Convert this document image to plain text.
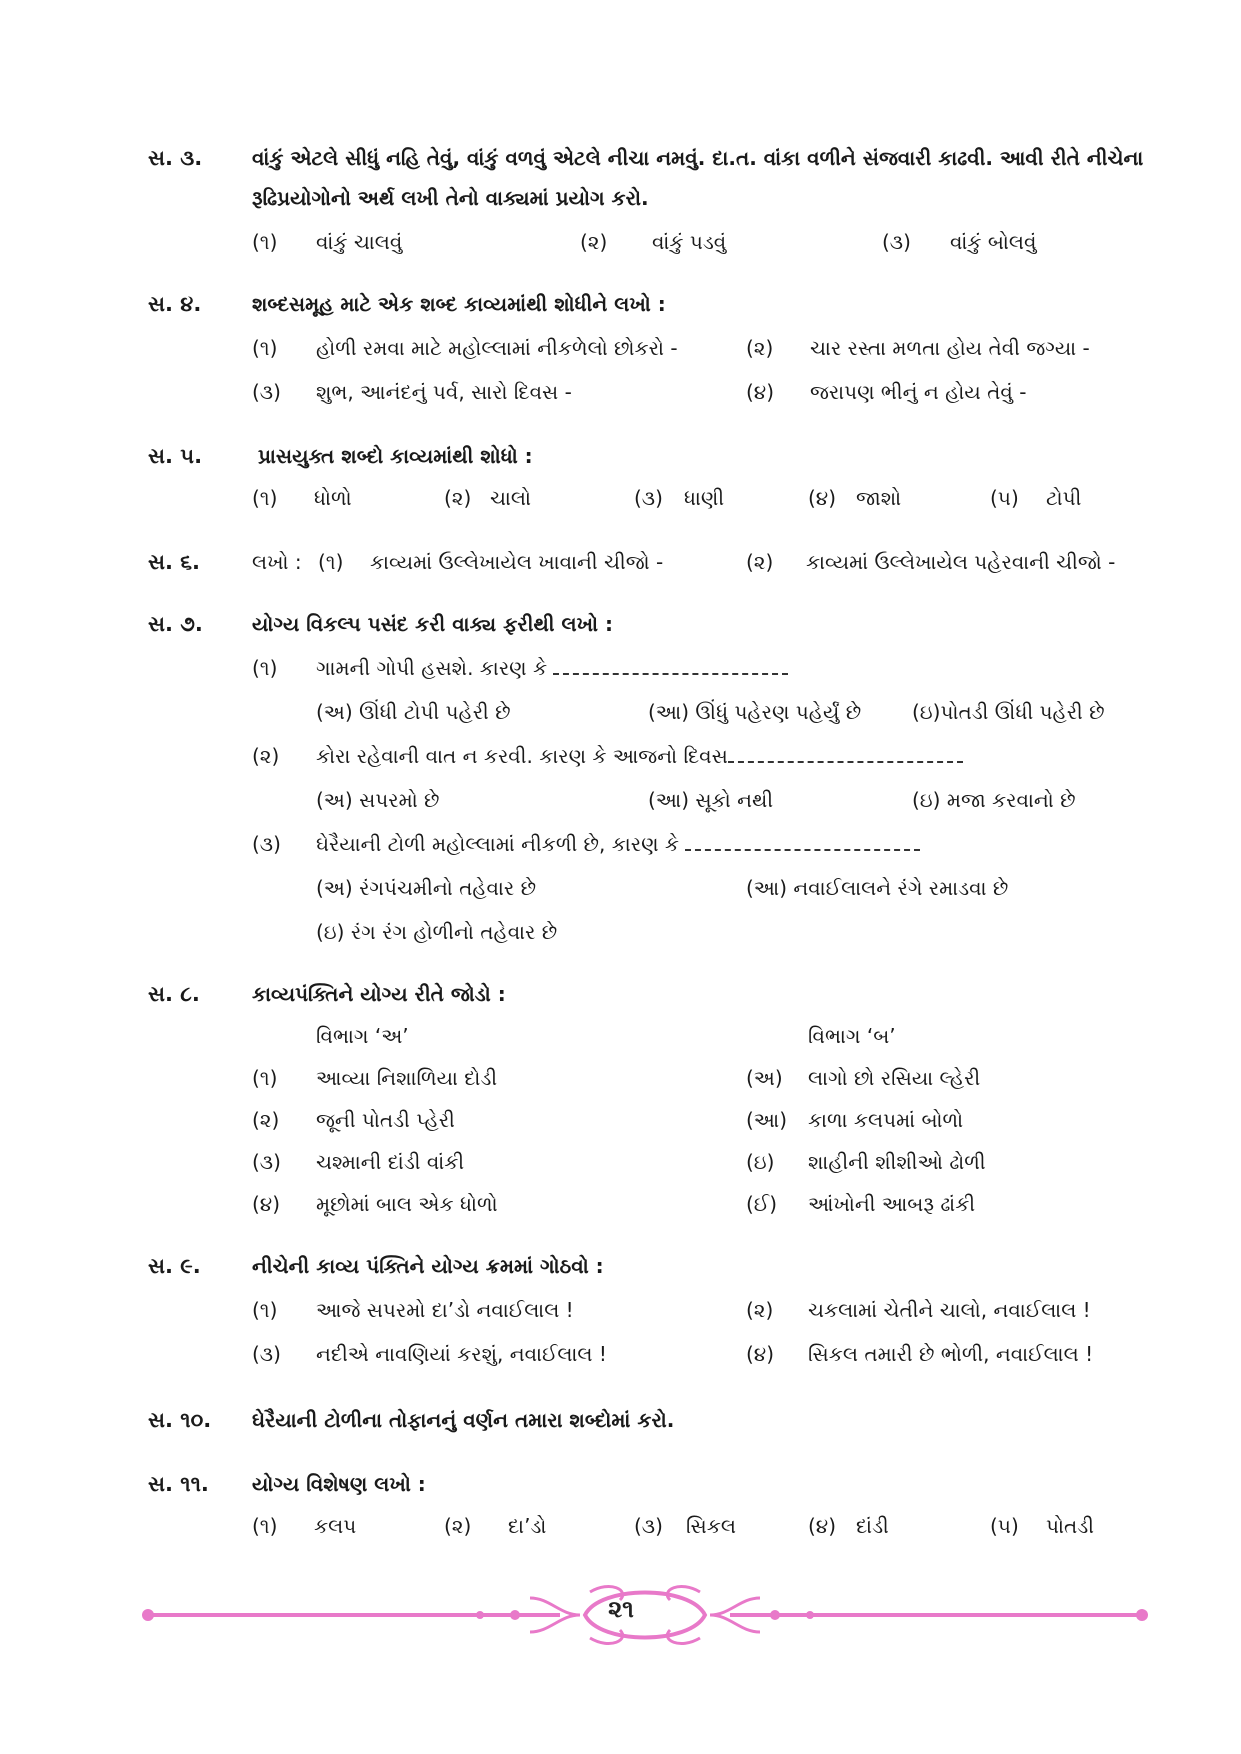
સ. ૩. વાંકું એટલે સીધું નહિ તેવું, વાંકું વળવું એટલે નીચા નમવું. દા.ત. વાંકા વળીને સંજવારી કાઢવી. આવી રીતે નીચેના
રૂઢિપ્રયોગોનો અર્થ લખી તેનો વાક્યમાં પ્રયોગ કરો.
(૧) વાંકું ચાલવું	(૨) વાંકું પડવું	(૩) વાંકું બોલવું
સ. ૪.	શબ્દસમૂહ માટે એક શબ્દ કાવ્યમાંથી શોધીને લખો :
(૧) હોળી રમવા માટે મહોલ્લામાં નીકળેલો છોકરો -	(૨) ચાર રસ્તા મળતા હોય તેવી જગ્યા -
(૩) શુભ, આનંદનું પર્વ, સારો દિવસ -	(૪) જરાપણ ભીનું ન હોય તેવું -
સ. ૫.	પ્રાસયુક્ત શબ્દો કાવ્યમાંથી શોધો :
(૧) ધોળો	(૨) ચાલો	(૩) ધાણી	(૪) જાશો	(૫) ટોપી
સ. ૬.	લખો : (૧) કાવ્યમાં ઉલ્લેખાયેલ ખાવાની ચીજો -	(૨) કાવ્યમાં ઉલ્લેખાયેલ પહેરવાની ચીજો -
સ. ૭. યોગ્ય વિકલ્પ પસંદ કરી વાક્ય ફરીથી લખો :
(૧) ગામની ગોપી હસશે. કારણ કે
(અ) ઊંધી ટોપી પહેરી છે	(આ) ઊંધું પહેરણ પહેર્યું છે	(ઇ)પોતડી ઊંધી પહેરી છે
(૨) કોરા રહેવાની વાત ન કરવી. કારણ કે આજનો દિવસ
(અ) સપરમો છે	(આ) સૂકો નથી	(ઇ) મજા કરવાનો છે
(૩) ઘેરૈયાની ટોળી મહોલ્લામાં નીકળી છે, કારણ કે
(અ) રંગપંચમીનો તહેવાર છે	(આ) નવાઈલાલને રંગે રમાડવા છે
(ઇ) રંગ રંગ હોળીનો તહેવાર છે
સ. ૮.	કાવ્યપંક્તિને યોગ્ય રીતે જોડો :
વિભાગ ‘અ’	વિભાગ ‘બ’
(૧) આવ્યા નિશાળિયા દોડી	(અ) લાગો છો રસિયા લ્હેરી
(૨) જૂની પોતડી પ્હેરી	(આ) કાળા કલપમાં બોળો
(૩) ચશ્માની દાંડી વાંકી	(ઇ) શાહીની શીશીઓ ઢોળી
(૪) મૂછોમાં બાલ એક ધોળો	(ઈ) આંખોની આબરૂ ઢાંકી
સ. ૯.	નીચેની કાવ્ય પંક્તિને યોગ્ય ક્રમમાં ગોઠવો :
(૧) આજે સપરમો દા’ડો નવાઈલાલ !	(૨) ચકલામાં ચેતીને ચાલો, નવાઈલાલ !
(૩) નદીએ નાવણિયાં કરશું, નવાઈલાલ !	(૪) સિકલ તમારી છે ભોળી, નવાઈલાલ !
સ. ૧૦. ઘેરૈયાની ટોળીના તોફાનનું વર્ણન તમારા શબ્દોમાં કરો.
સ. ૧૧. યોગ્ય વિશેષણ લખો :
(૧) કલપ	(૨) દા’ડો	(૩) સિકલ	(૪) દાંડી	(૫) પોતડી
૨૧
